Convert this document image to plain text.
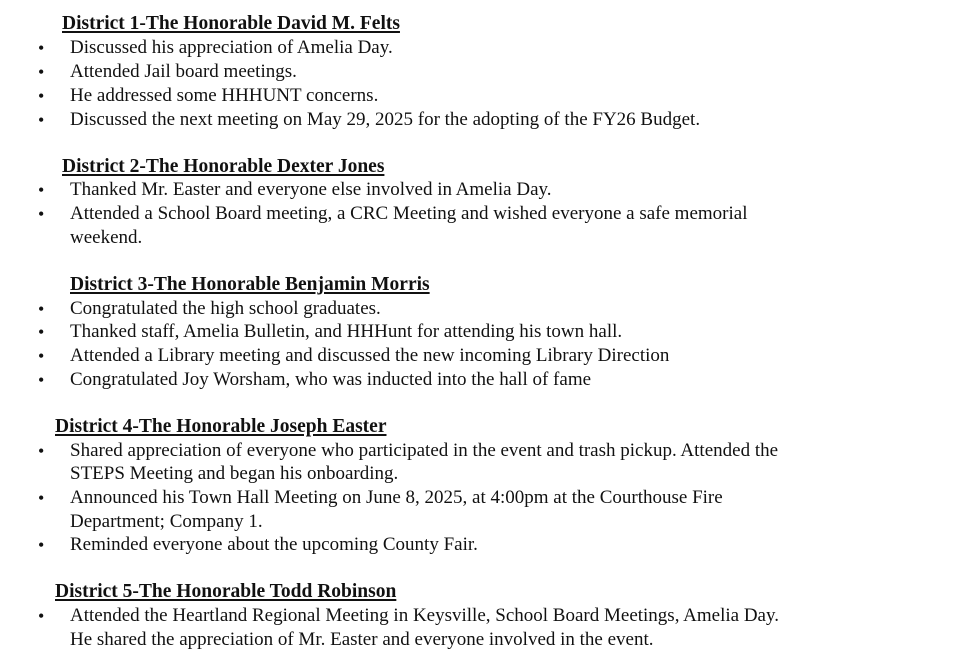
District 1-The Honorable David M. Felts
• Discussed his appreciation of Amelia Day.
• Attended Jail board meetings.
• He addressed some HHHUNT concerns.
• Discussed the next meeting on May 29, 2025 for the adopting of the FY26 Budget.
District 2-The Honorable Dexter Jones
• Thanked Mr. Easter and everyone else involved in Amelia Day.
• Attended a School Board meeting, a CRC Meeting and wished everyone a safe memorial
weekend.
District 3-The Honorable Benjamin Morris
• Congratulated the high school graduates.
• Thanked staff, Amelia Bulletin, and HHHunt for attending his town hall.
• Attended a Library meeting and discussed the new incoming Library Direction
• Congratulated Joy Worsham, who was inducted into the hall of fame
District 4-The Honorable Joseph Easter
• Shared appreciation of everyone who participated in the event and trash pickup. Attended the
STEPS Meeting and began his onboarding.
• Announced his Town Hall Meeting on June 8, 2025, at 4:00pm at the Courthouse Fire
Department; Company 1.
• Reminded everyone about the upcoming County Fair.
District 5-The Honorable Todd Robinson
• Attended the Heartland Regional Meeting in Keysville, School Board Meetings, Amelia Day.
He shared the appreciation of Mr. Easter and everyone involved in the event.
